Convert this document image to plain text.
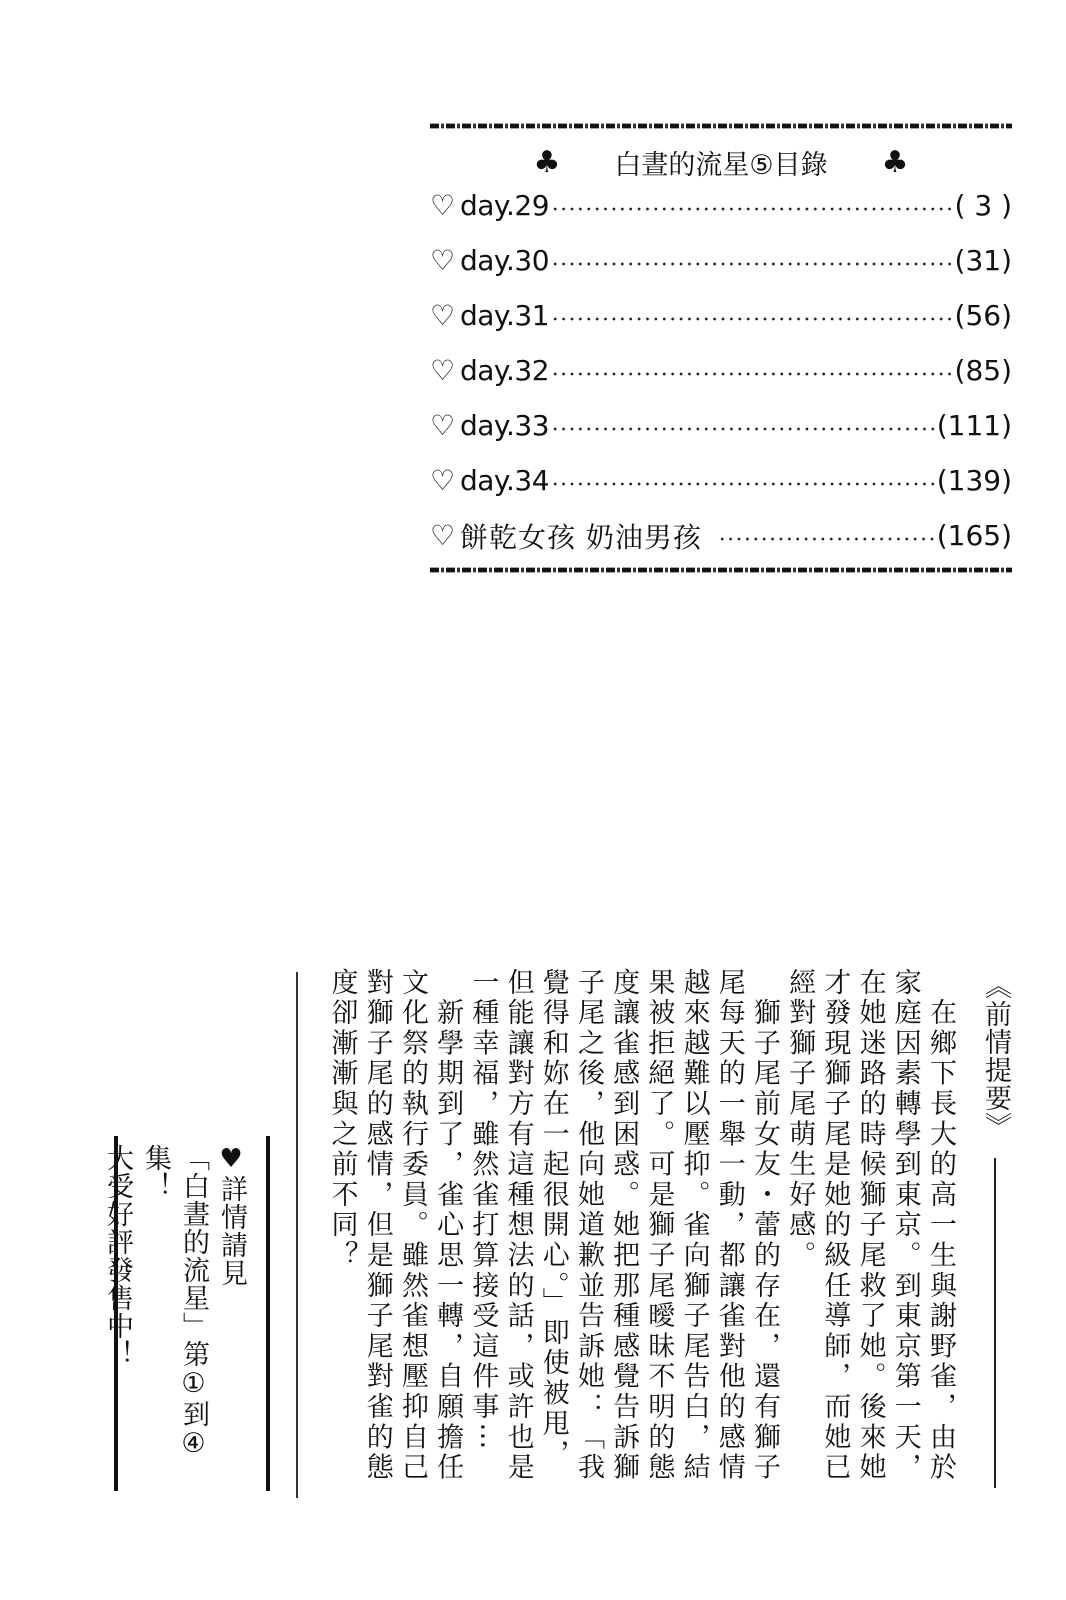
♣ 白晝的流星⑤目錄 ♣
♡ day.29	( 3 )
♡ day.30	(31)
♡ day.31	(56)
♡ day.32	(85)
♡ day.33	(111)
♡ day.34	(139)
♡ 餅乾女孩 奶油男孩	(165)
《前情提要》

　在鄉下長大的高一生與謝野雀，由於

家庭因素轉學到東京。到東京第一天，

在她迷路的時候獅子尾救了她。後來她

才發現獅子尾是她的級任導師，而她已

經對獅子尾萌生好感。

　獅子尾前女友・蕾的存在，還有獅子

尾每天的一舉一動，都讓雀對他的感情

越來越難以壓抑。雀向獅子尾告白，結

果被拒絕了。可是獅子尾曖昧不明的態

度讓雀感到困惑。她把那種感覺告訴獅

子尾之後，他向她道歉並告訴她：「我

覺得和妳在一起很開心。」即使被甩，

但能讓對方有這種想法的話，或許也是

一種幸福，雖然雀打算接受這件事⋯

　新學期到了，雀心思一轉，自願擔任

文化祭的執行委員。雖然雀想壓抑自己

對獅子尾的感情，但是獅子尾對雀的態

度卻漸漸與之前不同？

♥詳情請見

「白晝的流星」第①到④集！

大受好評發售中！
